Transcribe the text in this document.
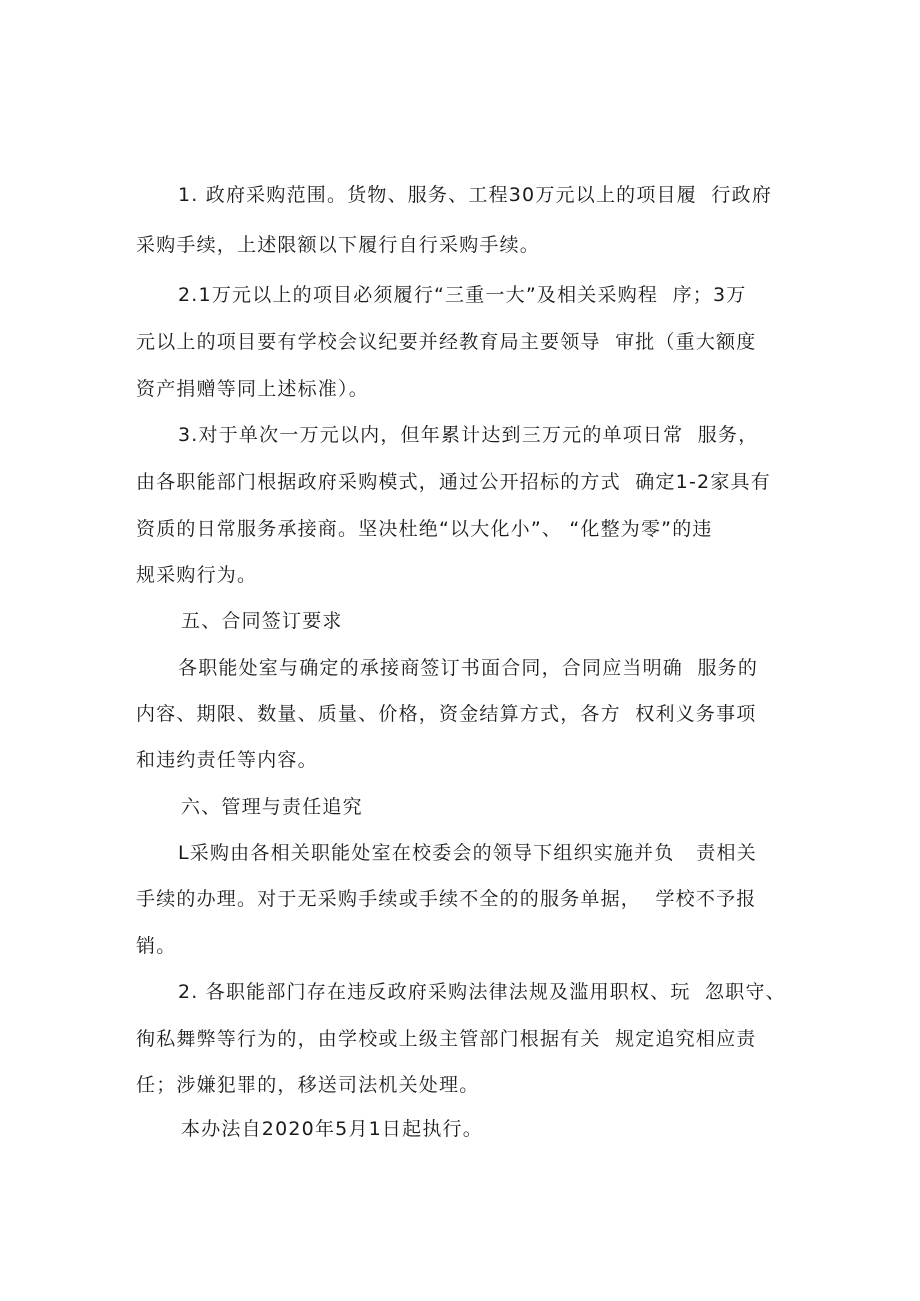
1. 政府采购范围。货物、服务、工程30万元以上的项目履  行政府
采购手续，上述限额以下履行自行采购手续。
2.1万元以上的项目必须履行“三重一大”及相关采购程  序；3万
元以上的项目要有学校会议纪要并经教育局主要领导  审批（重大额度
资产捐赠等同上述标准）。
3.对于单次一万元以内，但年累计达到三万元的单项日常  服务，
由各职能部门根据政府采购模式，通过公开招标的方式  确定1-2家具有
资质的日常服务承接商。坚决杜绝“以大化小”、 “化整为零”的违
规采购行为。
五、合同签订要求
各职能处室与确定的承接商签订书面合同，合同应当明确  服务的
内容、期限、数量、质量、价格，资金结算方式，各方  权利义务事项
和违约责任等内容。
六、管理与责任追究
L采购由各相关职能处室在校委会的领导下组织实施并负   责相关
手续的办理。对于无采购手续或手续不全的的服务单据，  学校不予报
销。
2. 各职能部门存在违反政府采购法律法规及滥用职权、玩  忽职守、
徇私舞弊等行为的，由学校或上级主管部门根据有关  规定追究相应责
任；涉嫌犯罪的，移送司法机关处理。
本办法自2020年5月1日起执行。
